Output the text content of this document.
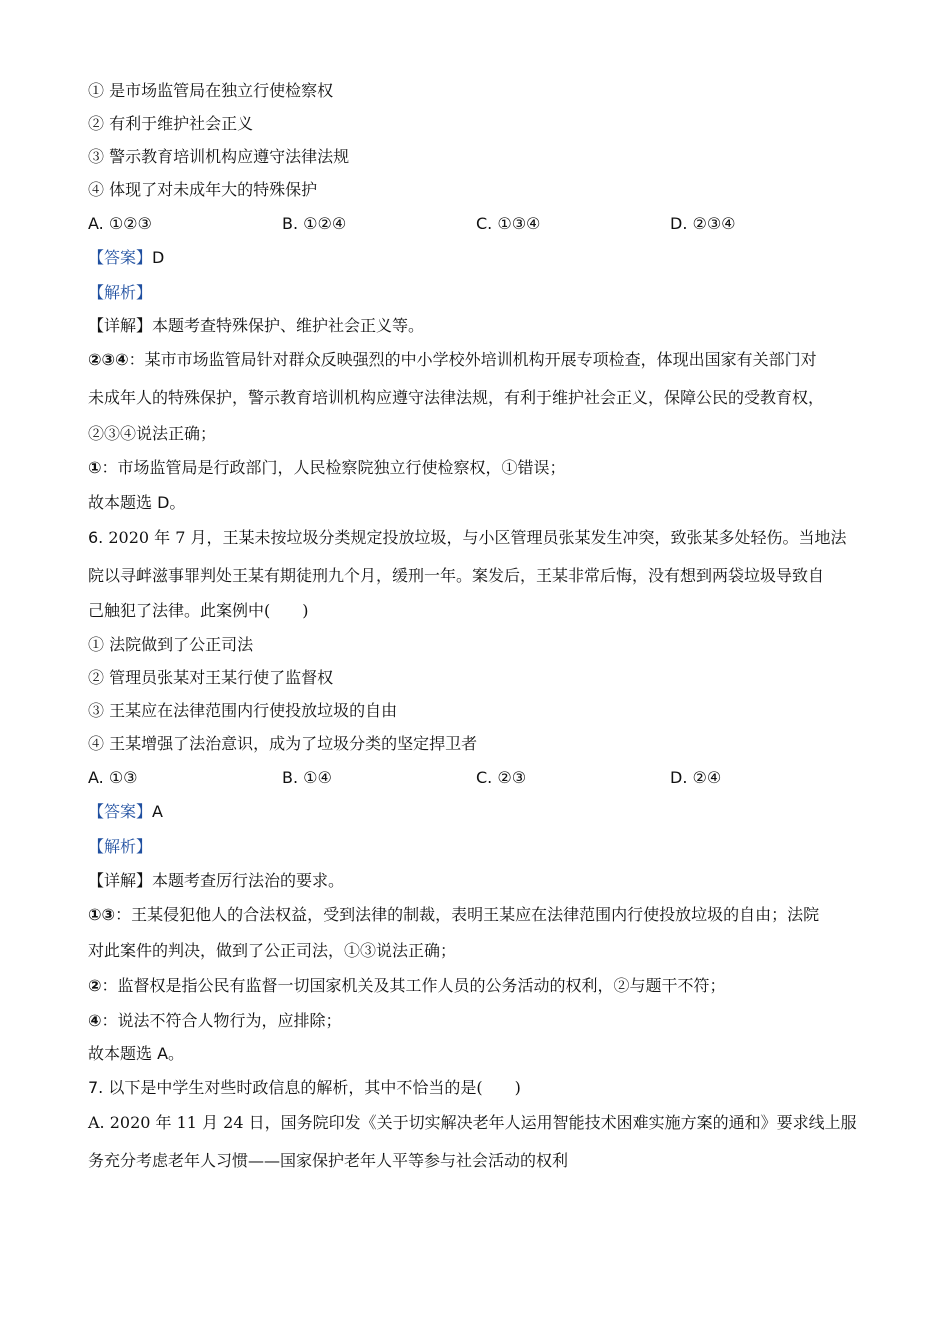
① 是市场监管局在独立行使检察权
② 有利于维护社会正义
③ 警示教育培训机构应遵守法律法规
④ 体现了对未成年大的特殊保护
A. ①②③	B. ①②④	C. ①③④	D. ②③④
【答案】D
【解析】
【详解】本题考查特殊保护、维护社会正义等。
②③④：某市市场监管局针对群众反映强烈的中小学校外培训机构开展专项检查，体现出国家有关部门对
未成年人的特殊保护，警示教育培训机构应遵守法律法规，有利于维护社会正义，保障公民的受教育权，
②③④说法正确；
①：市场监管局是行政部门，人民检察院独立行使检察权，①错误；
故本题选 D。
6. 2020 年 7 月，王某未按垃圾分类规定投放垃圾，与小区管理员张某发生冲突，致张某多处轻伤。当地法
院以寻衅滋事罪判处王某有期徒刑九个月，缓刑一年。案发后，王某非常后悔，没有想到两袋垃圾导致自
己触犯了法律。此案例中(　　)
① 法院做到了公正司法
② 管理员张某对王某行使了监督权
③ 王某应在法律范围内行使投放垃圾的自由
④ 王某增强了法治意识，成为了垃圾分类的坚定捍卫者
A. ①③	B. ①④	C. ②③	D. ②④
【答案】A
【解析】
【详解】本题考查厉行法治的要求。
①③：王某侵犯他人的合法权益，受到法律的制裁，表明王某应在法律范围内行使投放垃圾的自由；法院
对此案件的判决，做到了公正司法，①③说法正确；
②：监督权是指公民有监督一切国家机关及其工作人员的公务活动的权利，②与题干不符；
④：说法不符合人物行为，应排除；
故本题选 A。
7. 以下是中学生对些时政信息的解析，其中不恰当的是(　　)
A. 2020 年 11 月 24 日，国务院印发《关于切实解决老年人运用智能技术困难实施方案的通和》要求线上服
务充分考虑老年人习惯——国家保护老年人平等参与社会活动的权利
